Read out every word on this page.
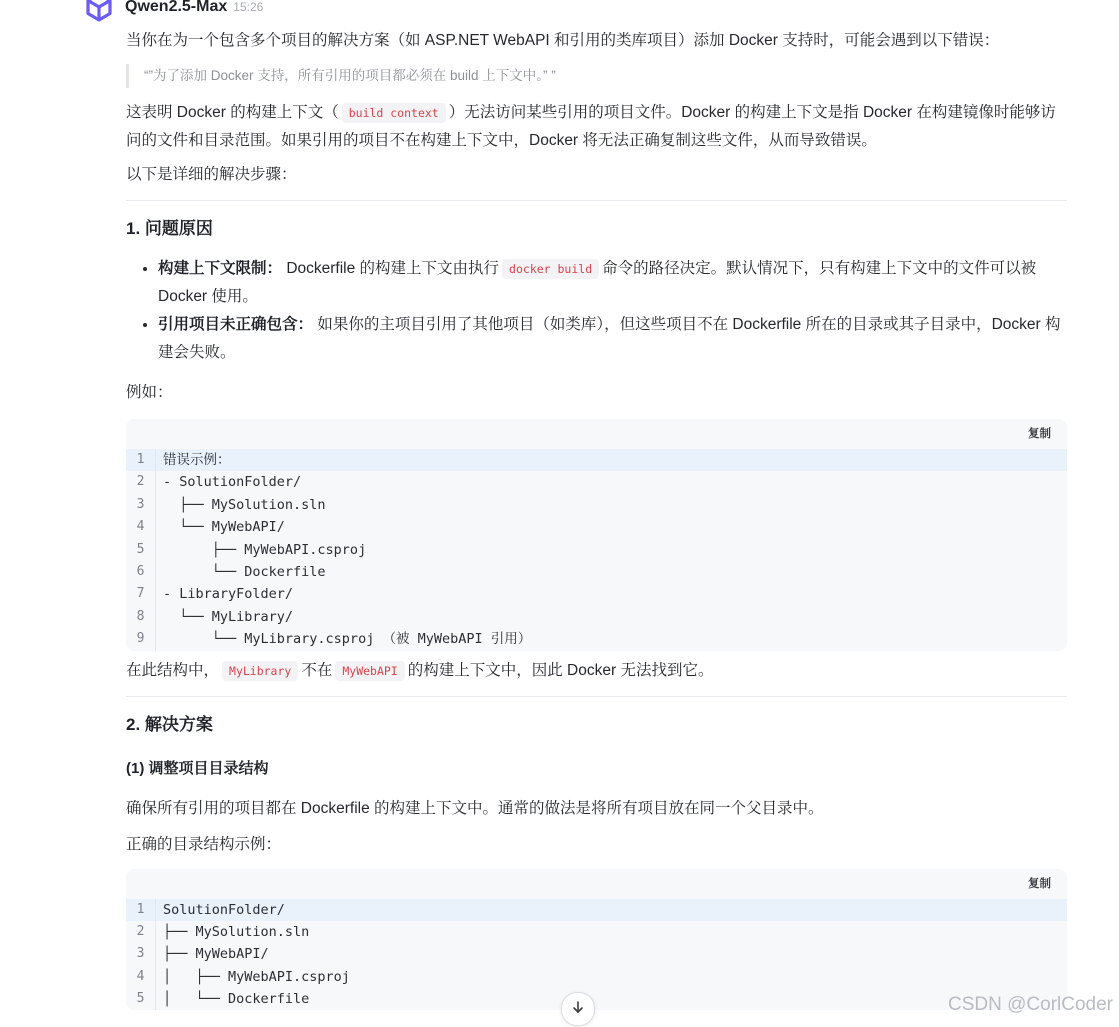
Qwen2.5-Max 15:26

当你在为一个包含多个项目的解决方案（如 ASP.NET WebAPI 和引用的类库项目）添加 Docker 支持时，可能会遇到以下错误：

“”为了添加 Docker 支持，所有引用的项目都必须在 build 上下文中。” ”

这表明 Docker 的构建上下文（ build context ）无法访问某些引用的项目文件。Docker 的构建上下文是指 Docker 在构建镜像时能够访问的文件和目录范围。如果引用的项目不在构建上下文中，Docker 将无法正确复制这些文件，从而导致错误。

以下是详细的解决步骤：

1. 问题原因
• 构建上下文限制： Dockerfile 的构建上下文由执行 docker build 命令的路径决定。默认情况下，只有构建上下文中的文件可以被 Docker 使用。
• 引用项目未正确包含： 如果你的主项目引用了其他项目（如类库），但这些项目不在 Dockerfile 所在的目录或其子目录中，Docker 构建会失败。

例如：

复制
1	错误示例：
2	- SolutionFolder/
3	├── MySolution.sln
4	└── MyWebAPI/
5	├── MyWebAPI.csproj
6	└── Dockerfile
7	- LibraryFolder/
8	└── MyLibrary/
9	└── MyLibrary.csproj （被 MyWebAPI 引用）

在此结构中， MyLibrary 不在 MyWebAPI 的构建上下文中，因此 Docker 无法找到它。

2. 解决方案
(1) 调整项目目录结构

确保所有引用的项目都在 Dockerfile 的构建上下文中。通常的做法是将所有项目放在同一个父目录中。

正确的目录结构示例：

复制
1	SolutionFolder/
2	├── MySolution.sln
3	├── MyWebAPI/
4	│   ├── MyWebAPI.csproj
5	│   └── Dockerfile	CSDN @CorlCoder
